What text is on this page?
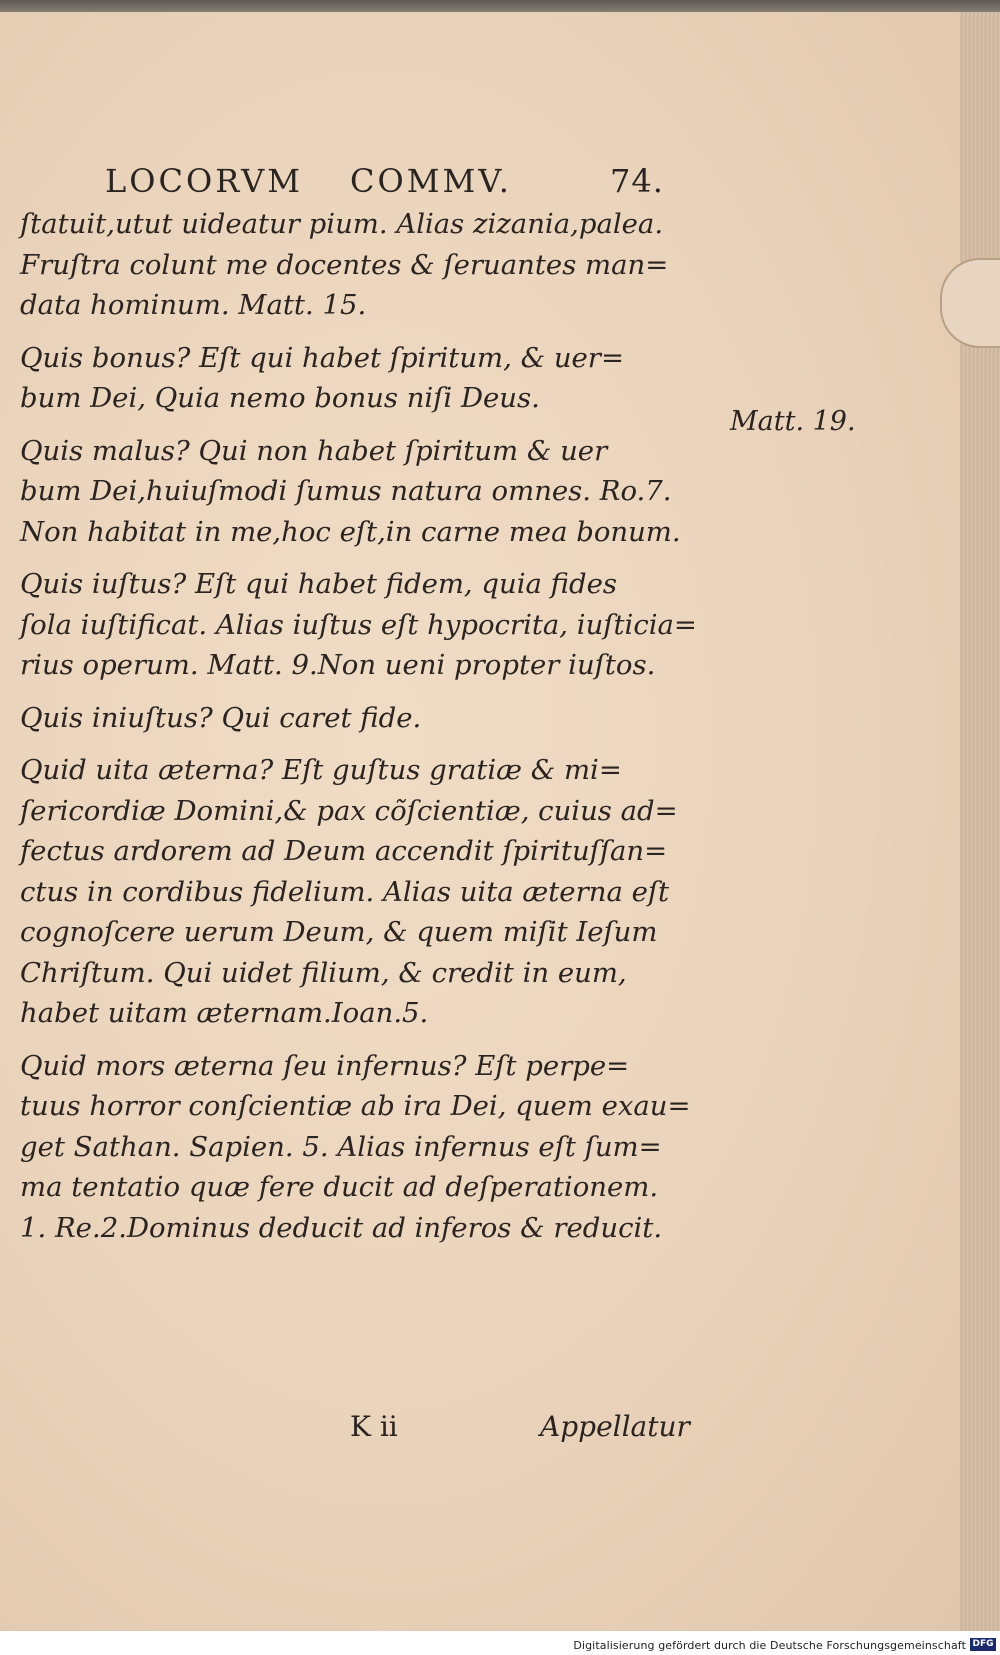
LOCORVM COMMV.	74.
ſtatuit,utut uideatur pium. Alias zizania,palea.
Fruſtra colunt me docentes & ſeruantes man=
data hominum. Matt. 15.
Quis bonus? Eſt qui habet ſpiritum, & uer=
bum Dei, Quia nemo bonus niſi Deus.
Quis malus? Qui non habet ſpiritum & uer
bum Dei,huiuſmodi ſumus natura omnes. Ro.7.
Non habitat in me,hoc eſt,in carne mea bonum.
Quis iuſtus? Eſt qui habet fidem, quia fides
ſola iuſtificat. Alias iuſtus eſt hypocrita, iuſticia=
rius operum. Matt. 9.Non ueni propter iuſtos.
Quis iniuſtus? Qui caret fide.
Quid uita æterna? Eſt guſtus gratiæ & mi=
ſericordiæ Domini,& pax cõſcientiæ, cuius ad=
fectus ardorem ad Deum accendit ſpirituſſan=
ctus in cordibus fidelium. Alias uita æterna eſt
cognoſcere uerum Deum, & quem miſit Ieſum
Chriſtum. Qui uidet filium, & credit in eum,
habet uitam æternam.Ioan.5.
Quid mors æterna ſeu infernus? Eſt perpe=
tuus horror conſcientiæ ab ira Dei, quem exau=
get Sathan. Sapien. 5. Alias infernus eſt ſum=
ma tentatio quæ fere ducit ad deſperationem.
1. Re.2.Dominus deducit ad inferos & reducit.
Matt. 19.
K ii	Appellatur
Digitalisierung gefördert durch die Deutsche Forschungsgemeinschaft DFG
